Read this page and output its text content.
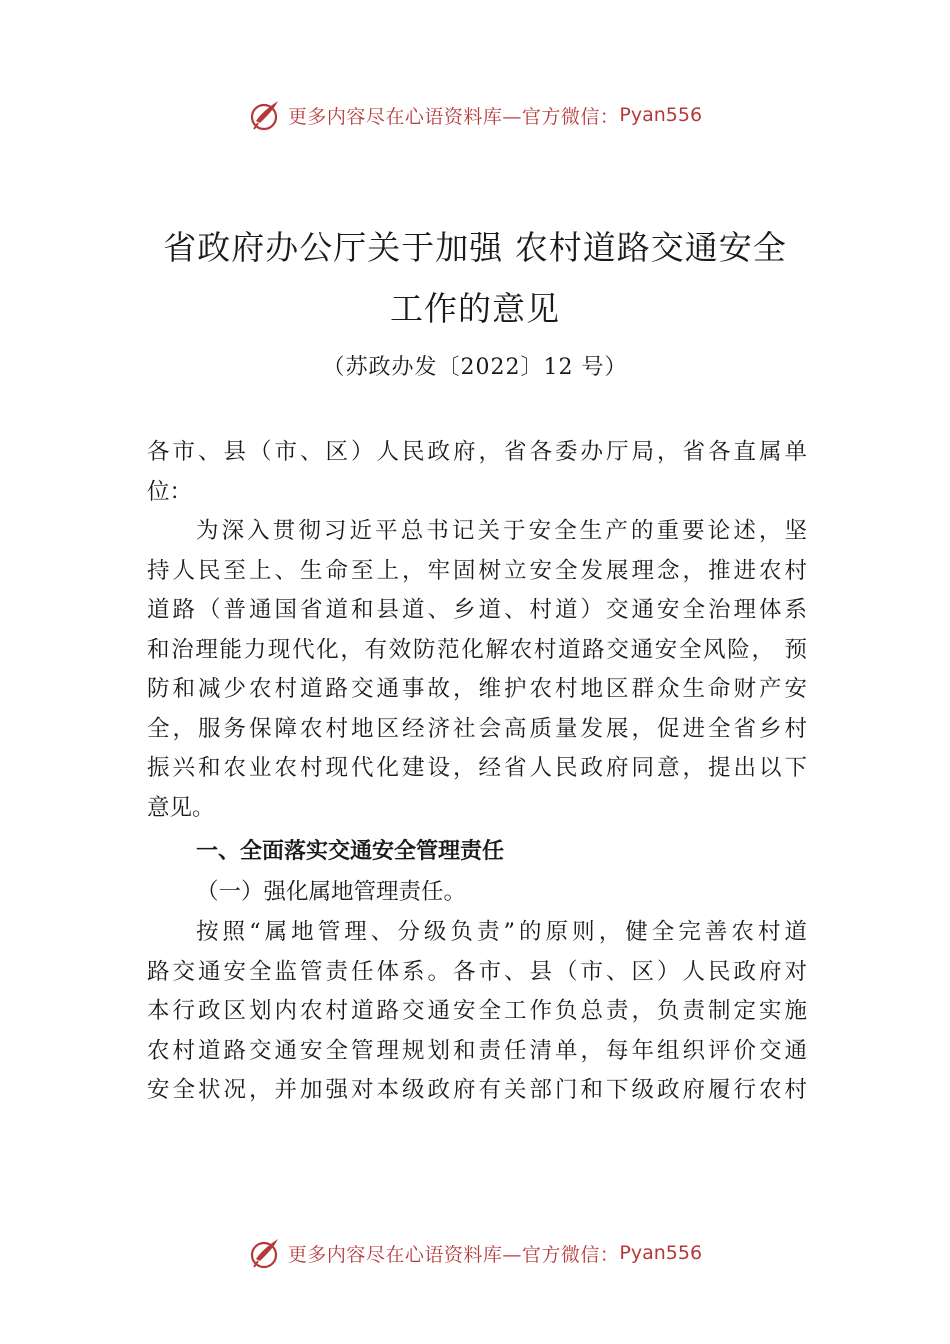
更多内容尽在心语资料库—官方微信： Pyan556
省政府办公厅关于加强 农村道路交通安全
工作的意见
（苏政办发〔2022〕12 号）
各市、县（市、区）人民政府，省各委办厅局，省各直属单
位：
为深入贯彻习近平总书记关于安全生产的重要论述，坚
持人民至上、生命至上，牢固树立安全发展理念，推进农村
道路（普通国省道和县道、乡道、村道）交通安全治理体系
和治理能力现代化，有效防范化解农村道路交通安全风险， 预
防和减少农村道路交通事故，维护农村地区群众生命财产安
全，服务保障农村地区经济社会高质量发展，促进全省乡村
振兴和农业农村现代化建设，经省人民政府同意，提出以下
意见。
一、全面落实交通安全管理责任
（一）强化属地管理责任。
按照“属地管理、分级负责”的原则，健全完善农村道
路交通安全监管责任体系。各市、县（市、区）人民政府对
本行政区划内农村道路交通安全工作负总责，负责制定实施
农村道路交通安全管理规划和责任清单，每年组织评价交通
安全状况，并加强对本级政府有关部门和下级政府履行农村
更多内容尽在心语资料库—官方微信： Pyan556
